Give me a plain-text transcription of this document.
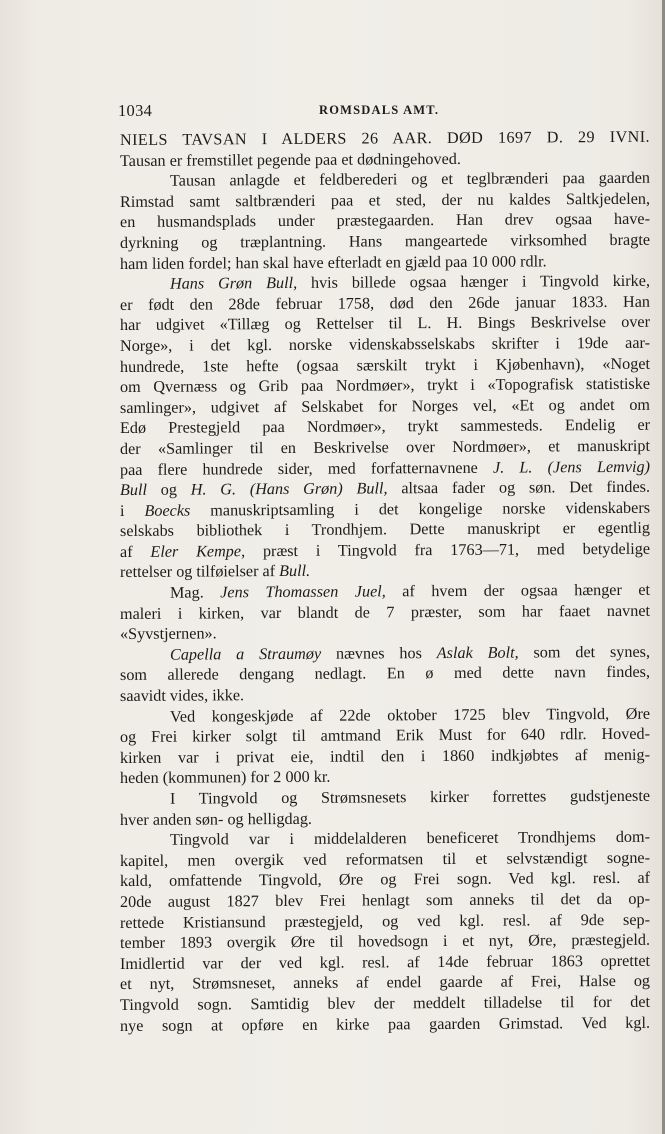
1034	ROMSDALS AMT.
NIELS TAVSAN I ALDERS 26 AAR. DØD 1697 D. 29 IVNI.
Tausan er fremstillet pegende paa et dødningehoved.
Tausan anlagde et feldberederi og et teglbrænderi paa gaarden
Rimstad samt saltbrænderi paa et sted, der nu kaldes Saltkjedelen,
en husmandsplads under præstegaarden. Han drev ogsaa have-
dyrkning og træplantning. Hans mangeartede virksomhed bragte
ham liden fordel; han skal have efterladt en gjæld paa 10 000 rdlr.
Hans Grøn Bull, hvis billede ogsaa hænger i Tingvold kirke,
er født den 28de februar 1758, død den 26de januar 1833. Han
har udgivet «Tillæg og Rettelser til L. H. Bings Beskrivelse over
Norge», i det kgl. norske videnskabsselskabs skrifter i 19de aar-
hundrede, 1ste hefte (ogsaa særskilt trykt i Kjøbenhavn), «Noget
om Qvernæss og Grib paa Nordmøer», trykt i «Topografisk statistiske
samlinger», udgivet af Selskabet for Norges vel, «Et og andet om
Edø Prestegjeld paa Nordmøer», trykt sammesteds. Endelig er
der «Samlinger til en Beskrivelse over Nordmøer», et manuskript
paa flere hundrede sider, med forfatternavnene J. L. (Jens Lemvig)
Bull og H. G. (Hans Grøn) Bull, altsaa fader og søn. Det findes.
i Boecks manuskriptsamling i det kongelige norske videnskabers
selskabs bibliothek i Trondhjem. Dette manuskript er egentlig
af Eler Kempe, præst i Tingvold fra 1763—71, med betydelige
rettelser og tilføielser af Bull.
Mag. Jens Thomassen Juel, af hvem der ogsaa hænger et
maleri i kirken, var blandt de 7 præster, som har faaet navnet
«Syvstjernen».
Capella a Straumøy nævnes hos Aslak Bolt, som det synes,
som allerede dengang nedlagt. En ø med dette navn findes,
saavidt vides, ikke.
Ved kongeskjøde af 22de oktober 1725 blev Tingvold, Øre
og Frei kirker solgt til amtmand Erik Must for 640 rdlr. Hoved-
kirken var i privat eie, indtil den i 1860 indkjøbtes af menig-
heden (kommunen) for 2 000 kr.
I Tingvold og Strømsnesets kirker forrettes gudstjeneste
hver anden søn- og helligdag.
Tingvold var i middelalderen beneficeret Trondhjems dom-
kapitel, men overgik ved reformatsen til et selvstændigt sogne-
kald, omfattende Tingvold, Øre og Frei sogn. Ved kgl. resl. af
20de august 1827 blev Frei henlagt som anneks til det da op-
rettede Kristiansund præstegjeld, og ved kgl. resl. af 9de sep-
tember 1893 overgik Øre til hovedsogn i et nyt, Øre, præstegjeld.
Imidlertid var der ved kgl. resl. af 14de februar 1863 oprettet
et nyt, Strømsneset, anneks af endel gaarde af Frei, Halse og
Tingvold sogn. Samtidig blev der meddelt tilladelse til for det
nye sogn at opføre en kirke paa gaarden Grimstad. Ved kgl.
